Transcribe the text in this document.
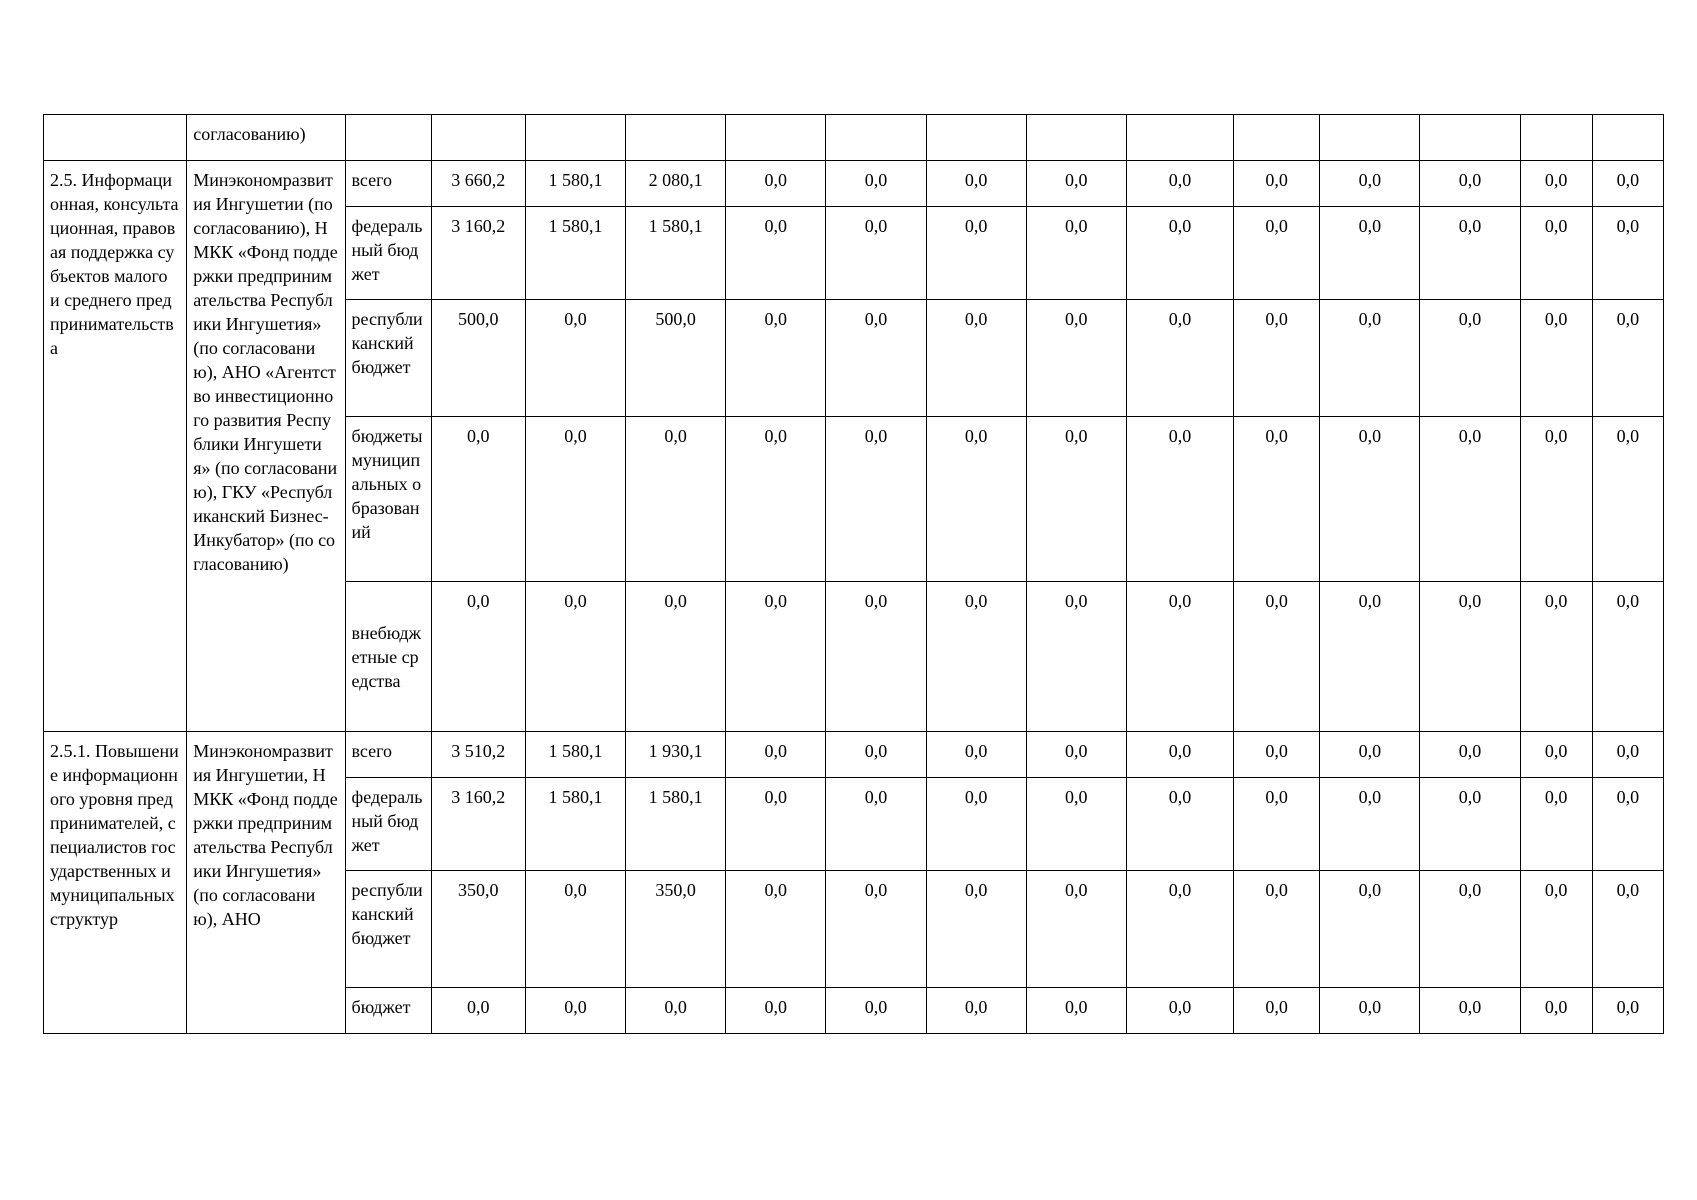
	согласованию)														
2.5. Информационная, консультационная, правовая поддержка субъектов малого и среднего предпринимательства	Минэкономразвития Ингушетии (по согласованию), НМКК «Фонд поддержки предпринимательства Республики Ингушетия» (по согласованию), АНО «Агентство инвестиционного развития Республики Ингушетия» (по согласованию), ГКУ «Республиканский Бизнес-Инкубатор» (по согласованию)	всего	3 660,2	1 580,1	2 080,1	0,0	0,0	0,0	0,0	0,0	0,0	0,0	0,0	0,0	0,0
		федеральный бюджет	3 160,2	1 580,1	1 580,1	0,0	0,0	0,0	0,0	0,0	0,0	0,0	0,0	0,0	0,0
		республиканский бюджет	500,0	0,0	500,0	0,0	0,0	0,0	0,0	0,0	0,0	0,0	0,0	0,0	0,0
		бюджеты муниципальных образований	0,0	0,0	0,0	0,0	0,0	0,0	0,0	0,0	0,0	0,0	0,0	0,0	0,0
		внебюджетные средства	0,0	0,0	0,0	0,0	0,0	0,0	0,0	0,0	0,0	0,0	0,0	0,0	0,0
2.5.1. Повышение информационного уровня предпринимателей, специалистов государственных и муниципальных структур	Минэкономразвития Ингушетии, НМКК «Фонд поддержки предпринимательства Республики Ингушетия» (по согласованию), АНО	всего	3 510,2	1 580,1	1 930,1	0,0	0,0	0,0	0,0	0,0	0,0	0,0	0,0	0,0	0,0
		федеральный бюджет	3 160,2	1 580,1	1 580,1	0,0	0,0	0,0	0,0	0,0	0,0	0,0	0,0	0,0	0,0
		республиканский бюджет	350,0	0,0	350,0	0,0	0,0	0,0	0,0	0,0	0,0	0,0	0,0	0,0	0,0
		бюджет	0,0	0,0	0,0	0,0	0,0	0,0	0,0	0,0	0,0	0,0	0,0	0,0	0,0
